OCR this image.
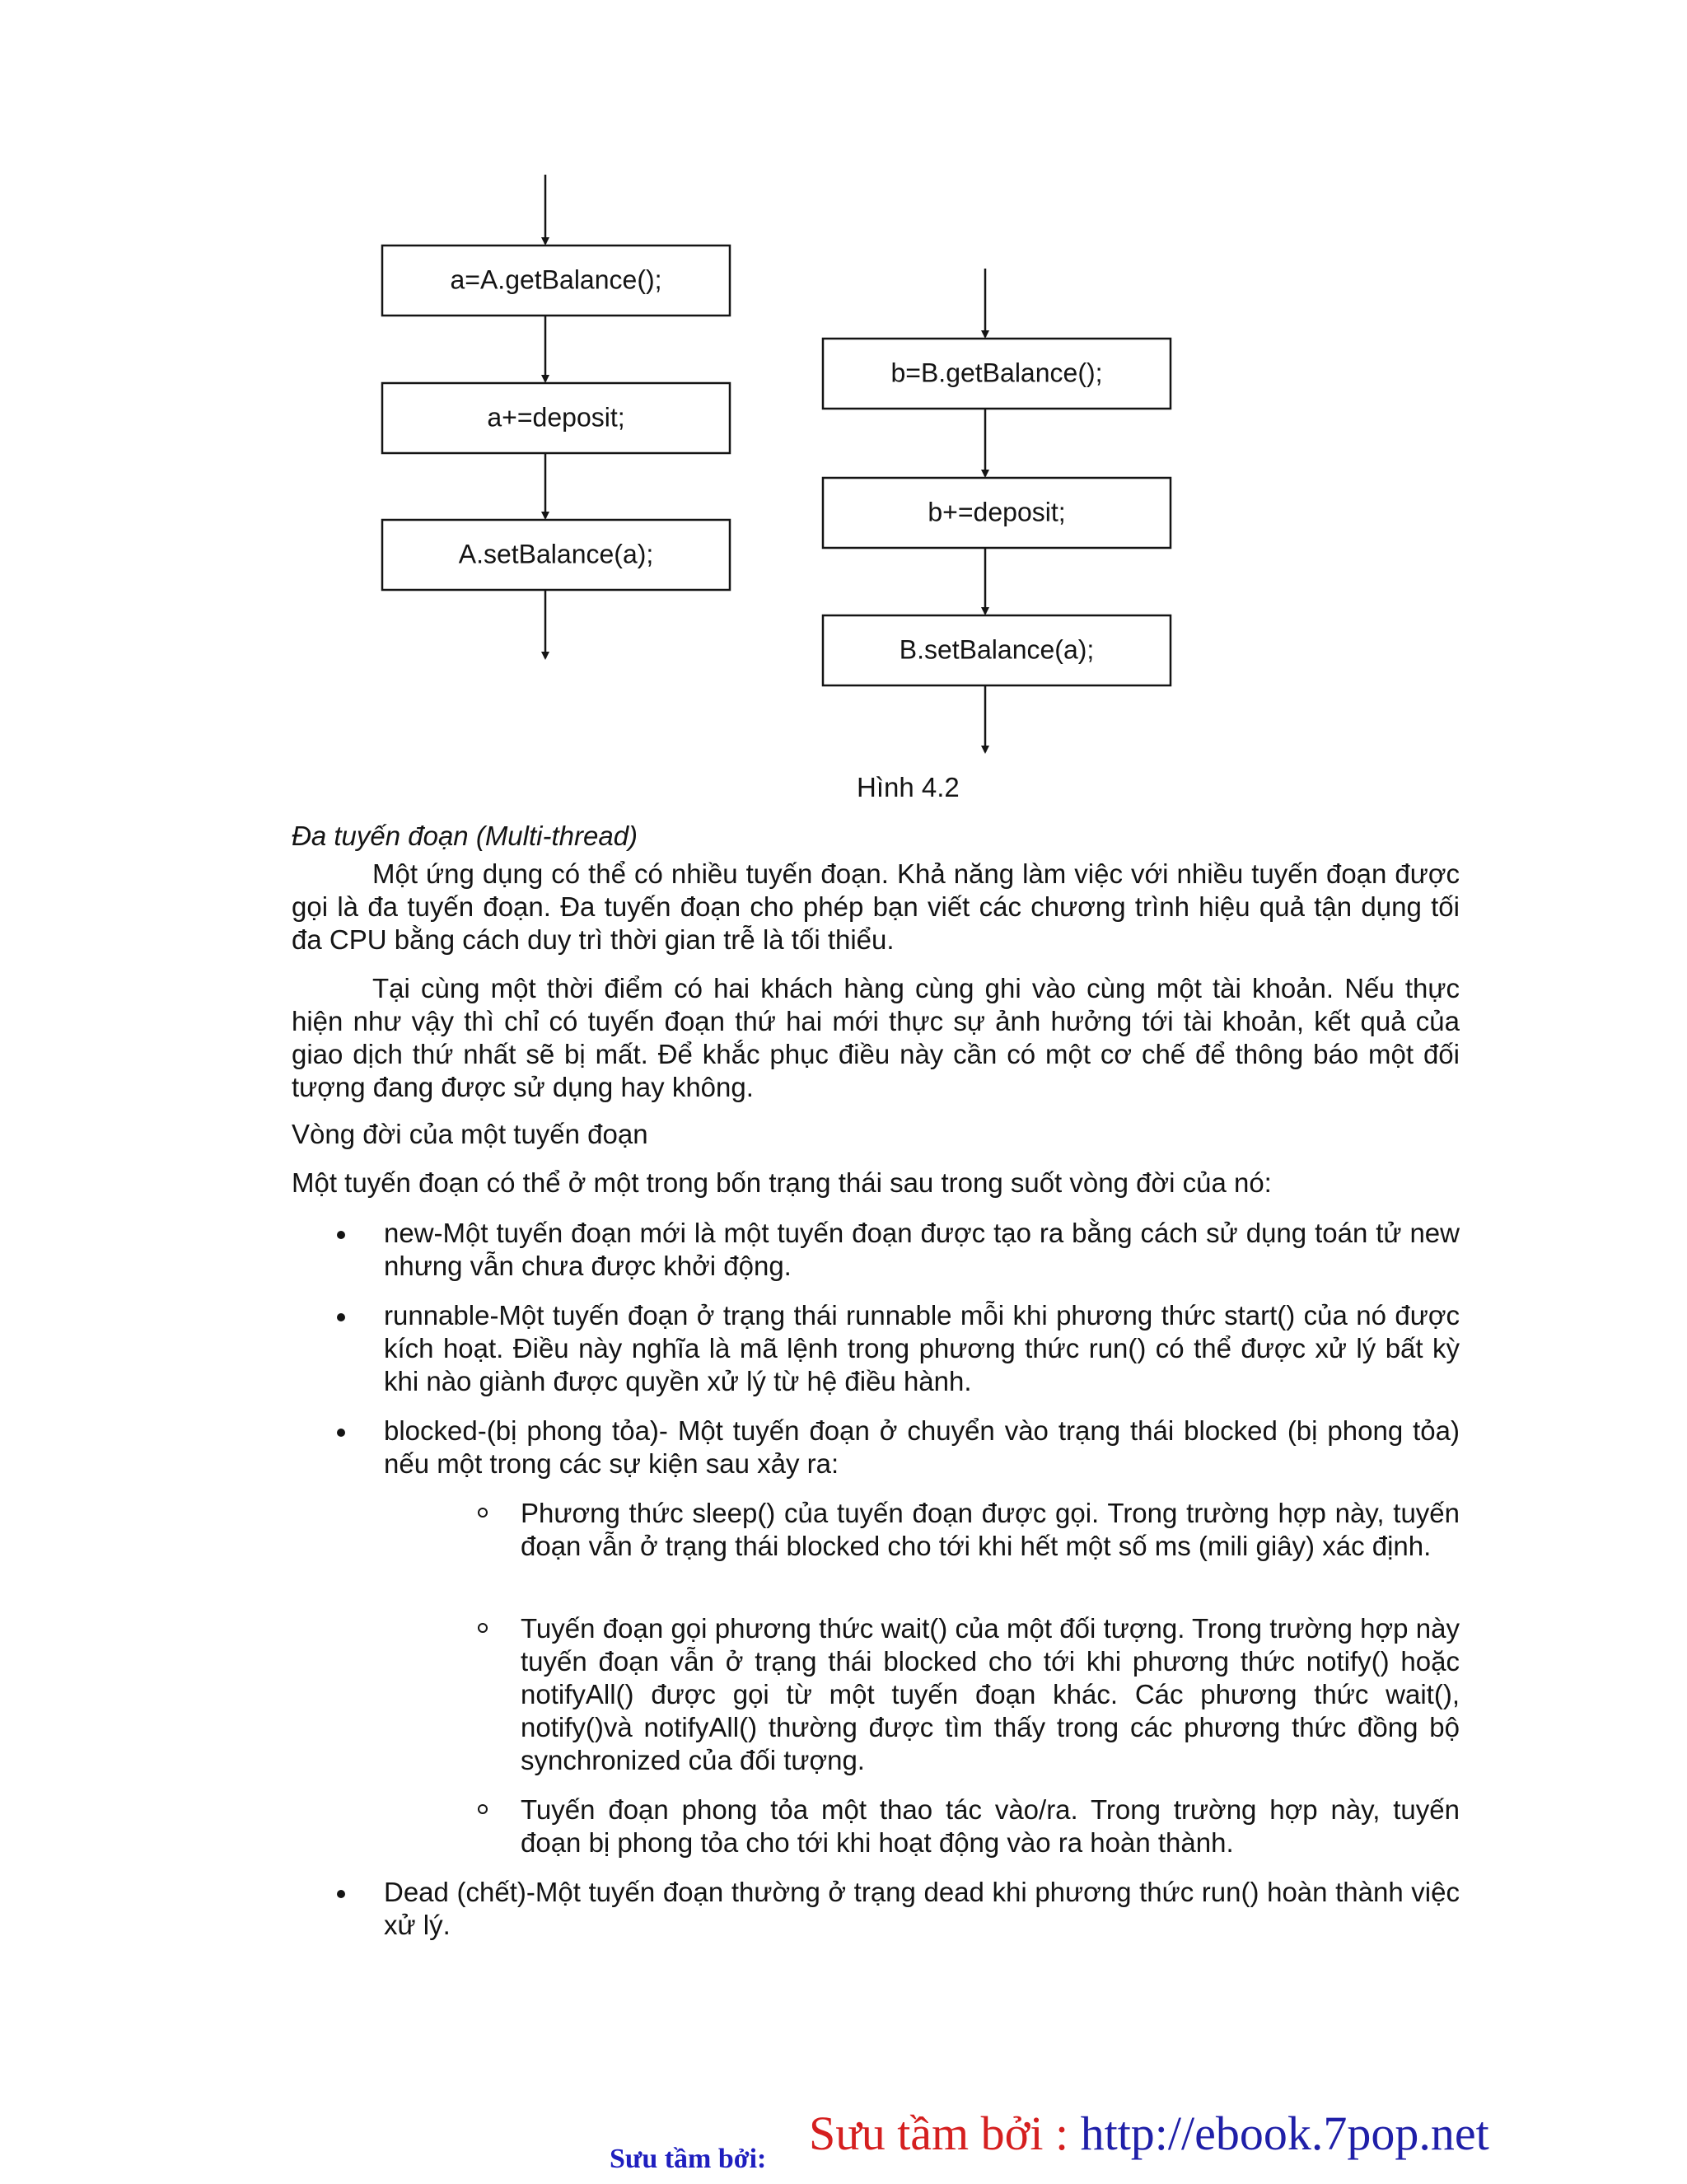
a=A.getBalance();
a+=deposit;
A.setBalance(a);
b=B.getBalance();
b+=deposit;
B.setBalance(a);
Hình 4.2
Đa tuyến đoạn (Multi-thread)

Một ứng dụng có thể có nhiều tuyến đoạn. Khả năng làm việc với nhiều tuyến đoạn được gọi là đa tuyến đoạn. Đa tuyến đoạn cho phép bạn viết các chương trình hiệu quả tận dụng tối đa CPU bằng cách duy trì thời gian trễ là tối thiểu.

Tại cùng một thời điểm có hai khách hàng cùng ghi vào cùng một tài khoản. Nếu thực hiện như vậy thì chỉ có tuyến đoạn thứ hai mới thực sự ảnh hưởng tới tài khoản, kết quả của giao dịch thứ nhất sẽ bị mất. Để khắc phục điều này cần có một cơ chế để thông báo một đối tượng đang được sử dụng hay không.

Vòng đời của một tuyến đoạn
Một tuyến đoạn có thể ở một trong bốn trạng thái sau trong suốt vòng đời của nó:
new-Một tuyến đoạn mới là một tuyến đoạn được tạo ra bằng cách sử dụng toán tử new nhưng vẫn chưa được khởi động.
runnable-Một tuyến đoạn ở trạng thái runnable mỗi khi phương thức start() của nó được kích hoạt. Điều này nghĩa là mã lệnh trong phương thức run() có thể được xử lý bất kỳ khi nào giành được quyền xử lý từ hệ điều hành.
blocked-(bị phong tỏa)- Một tuyến đoạn ở chuyển vào trạng thái blocked (bị phong tỏa) nếu một trong các sự kiện sau xảy ra:
Phương thức sleep() của tuyến đoạn được gọi. Trong trường hợp này, tuyến đoạn vẫn ở trạng thái blocked cho tới khi hết một số ms (mili giây) xác định.
Tuyến đoạn gọi phương thức wait() của một đối tượng. Trong trường hợp này tuyến đoạn vẫn ở trạng thái blocked cho tới khi phương thức notify() hoặc notifyAll() được gọi từ một tuyến đoạn khác. Các phương thức wait(), notify()và notifyAll() thường được tìm thấy trong các phương thức đồng bộ synchronized của đối tượng.
Tuyến đoạn phong tỏa một thao tác vào/ra. Trong trường hợp này, tuyến đoạn bị phong tỏa cho tới khi hoạt động vào ra hoàn thành.
Dead (chết)-Một tuyến đoạn thường ở trạng dead khi phương thức run() hoàn thành việc xử lý.
Sưu tầm bởi : http://ebook.7pop.net
Sưu tầm bởi:
